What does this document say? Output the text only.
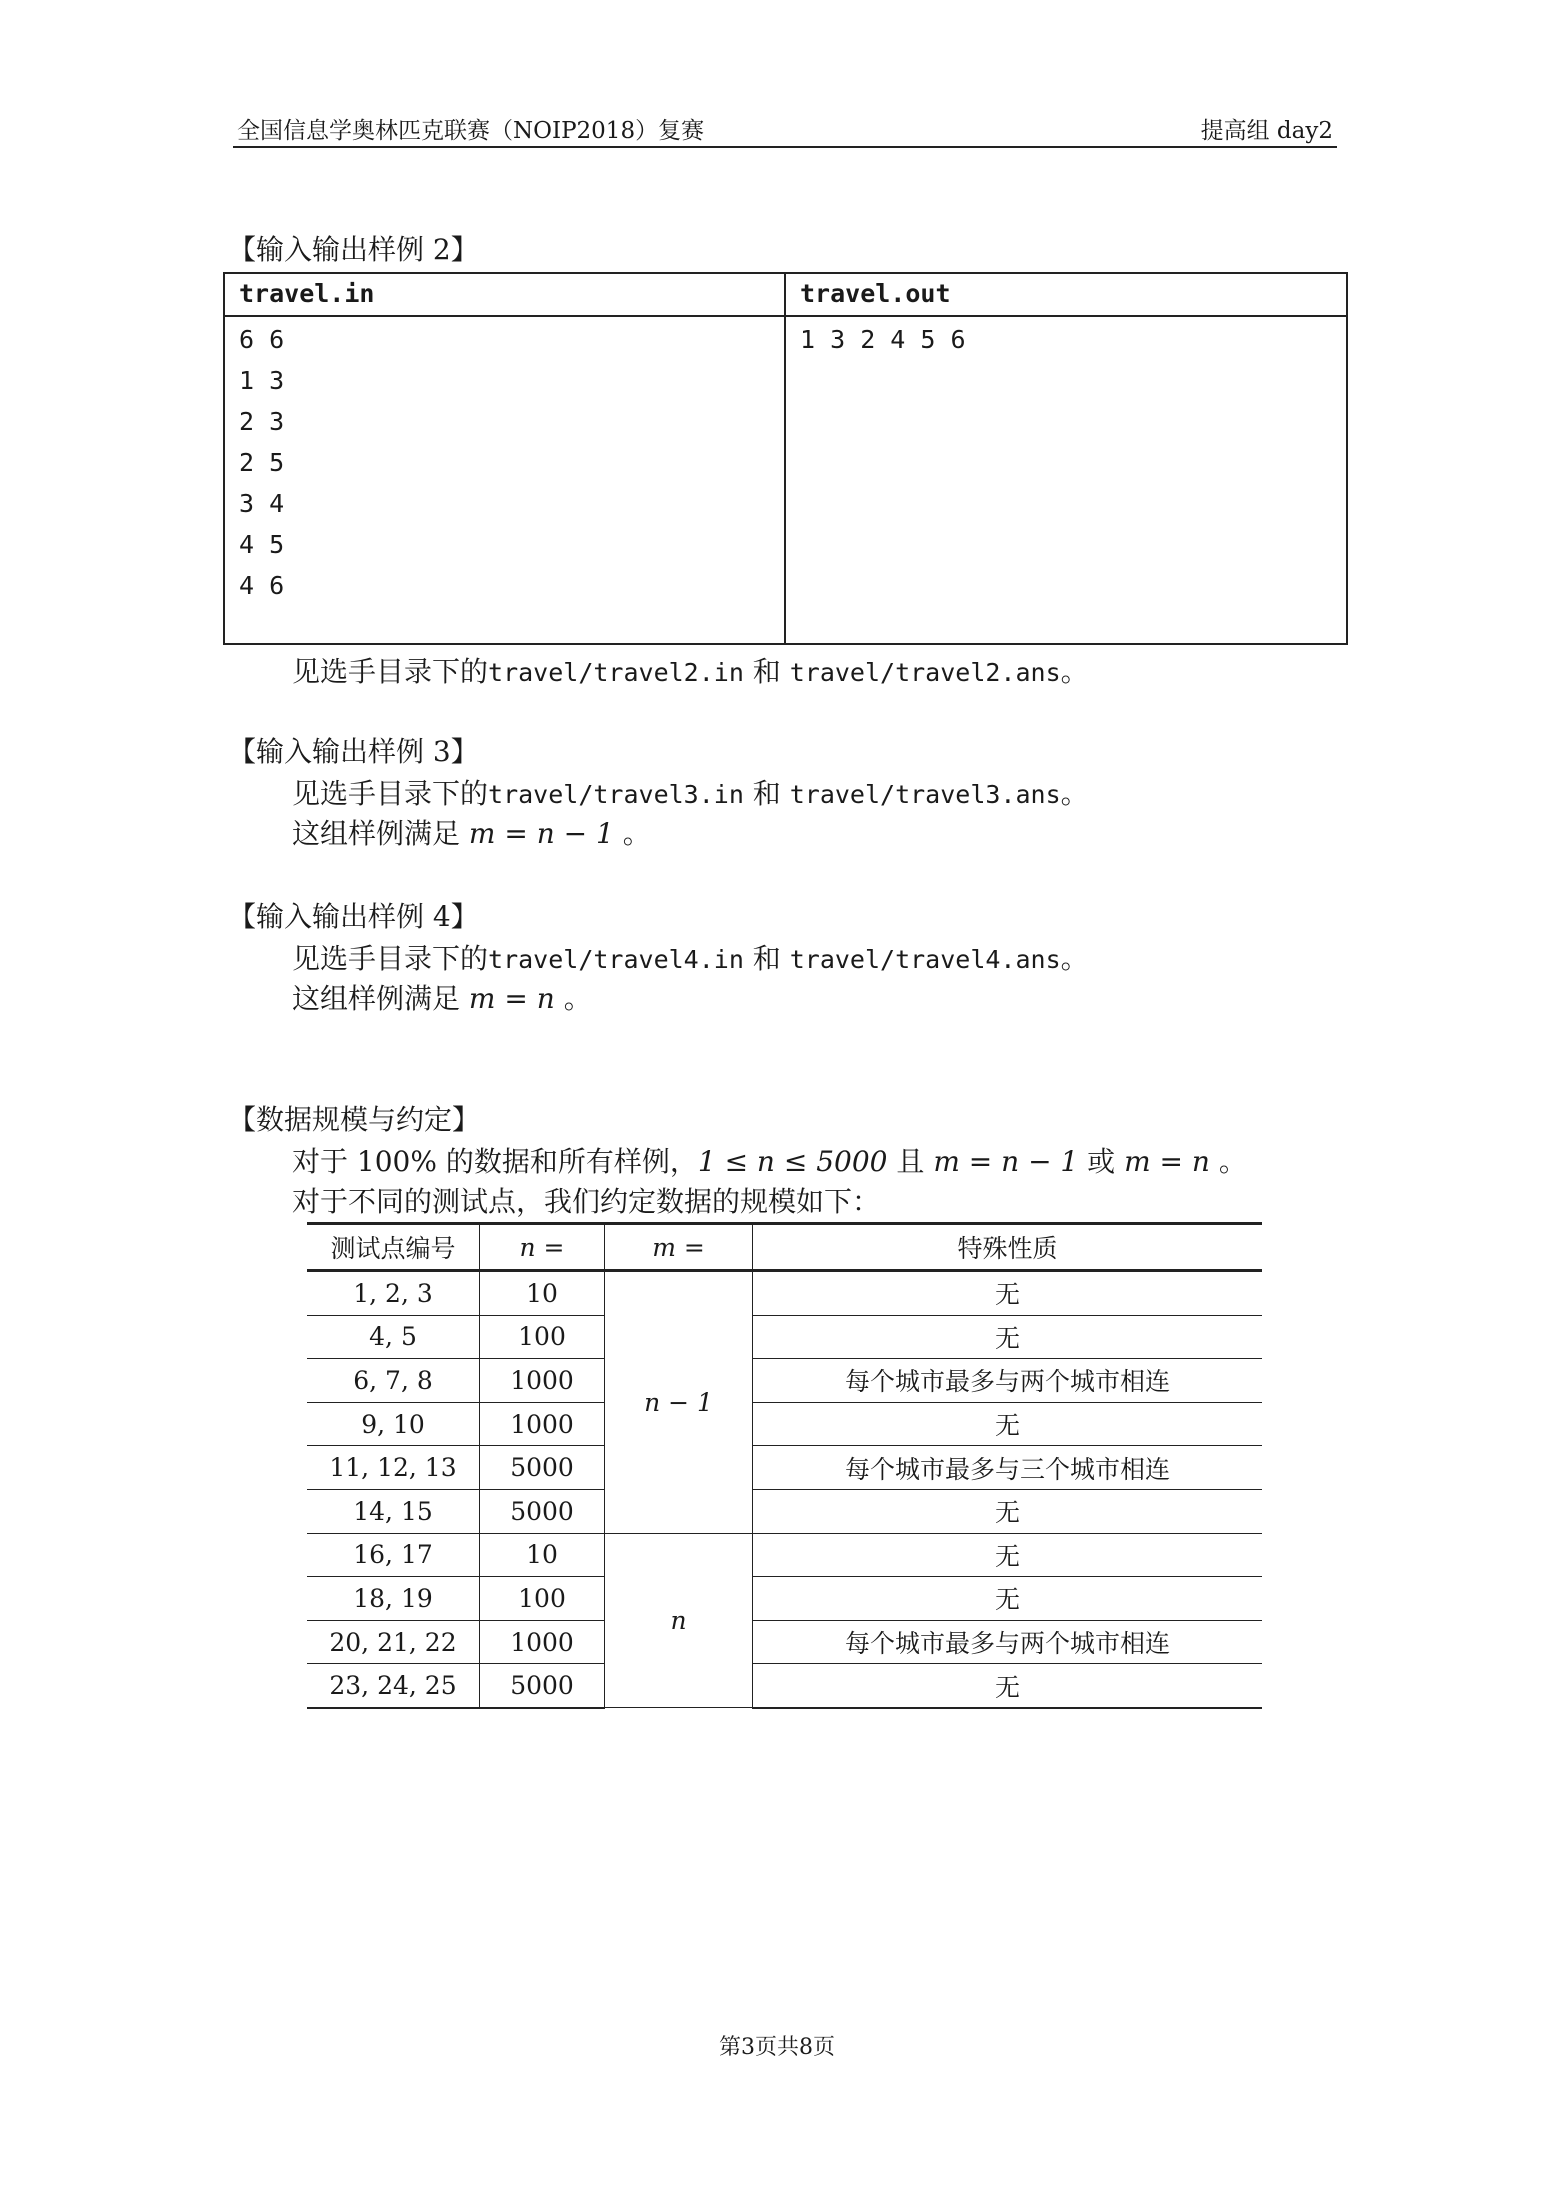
全国信息学奥林匹克联赛（NOIP2018）复赛	提高组 day2
【输入输出样例 2】
travel.in
6 6
1 3
2 3
2 5
3 4
4 5
4 6
travel.out
1 3 2 4 5 6
见选手目录下的travel/travel2.in 和 travel/travel2.ans。
【输入输出样例 3】
见选手目录下的travel/travel3.in 和 travel/travel3.ans。
这组样例满足 m = n − 1 。
【输入输出样例 4】
见选手目录下的travel/travel4.in 和 travel/travel4.ans。
这组样例满足 m = n 。
【数据规模与约定】
对于 100% 的数据和所有样例，1 ≤ n ≤ 5000 且 m = n − 1 或 m = n 。
对于不同的测试点，我们约定数据的规模如下：
测试点编号	n =	m =	特殊性质
1, 2, 3	10	n − 1	无
4, 5	100		无
6, 7, 8	1000		每个城市最多与两个城市相连
9, 10	1000		无
11, 12, 13	5000		每个城市最多与三个城市相连
14, 15	5000		无
16, 17	10	n	无
18, 19	100		无
20, 21, 22	1000		每个城市最多与两个城市相连
23, 24, 25	5000		无
第3页共8页
